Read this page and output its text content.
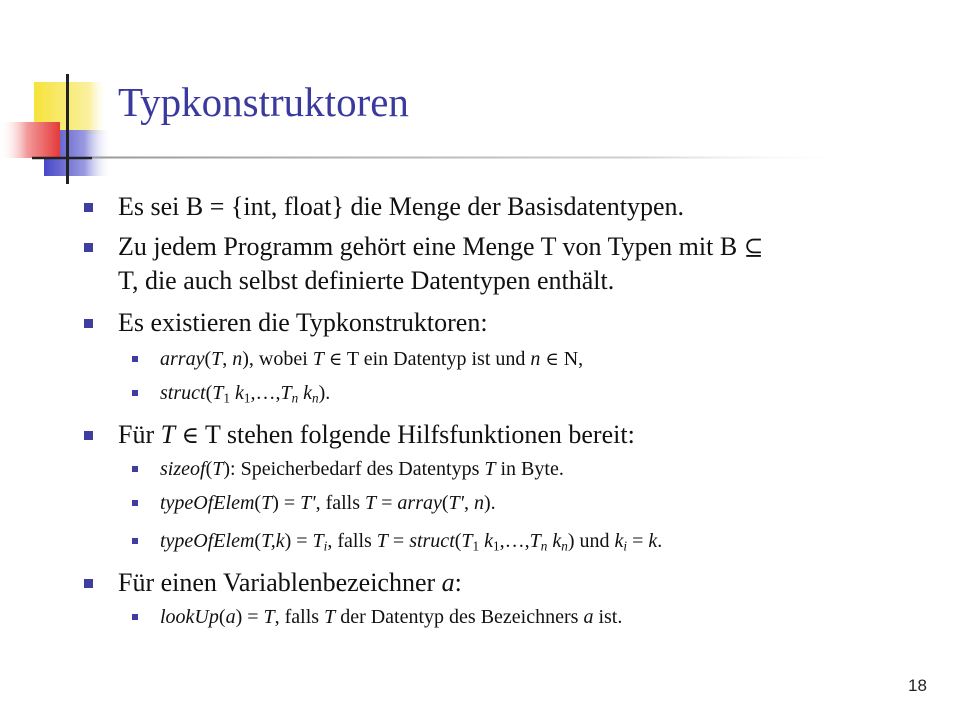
Typkonstruktoren
Es sei B = {int, float} die Menge der Basisdatentypen.
Zu jedem Programm gehört eine Menge T von Typen mit B ⊆
T, die auch selbst definierte Datentypen enthält.
Es existieren die Typkonstruktoren:
array(T, n), wobei T ∈ T ein Datentyp ist und n ∈ N,
$struct(T_1$ $k_1,\dots,T_n$ $k_n$).
Für T ∈ T stehen folgende Hilfsfunktionen bereit:
sizeof(T): Speicherbedarf des Datentyps T in Byte.
typeOfElem(T) = T', falls T = array(T', n).
typeOfElem(T,k) = $T_i$, falls $T = struct(T_1$ $k_1,\dots,T_n$ $k_n$) und $k_i = k$.
Für einen Variablenbezeichner a:
lookUp(a) = T, falls T der Datentyp des Bezeichners a ist.
18
